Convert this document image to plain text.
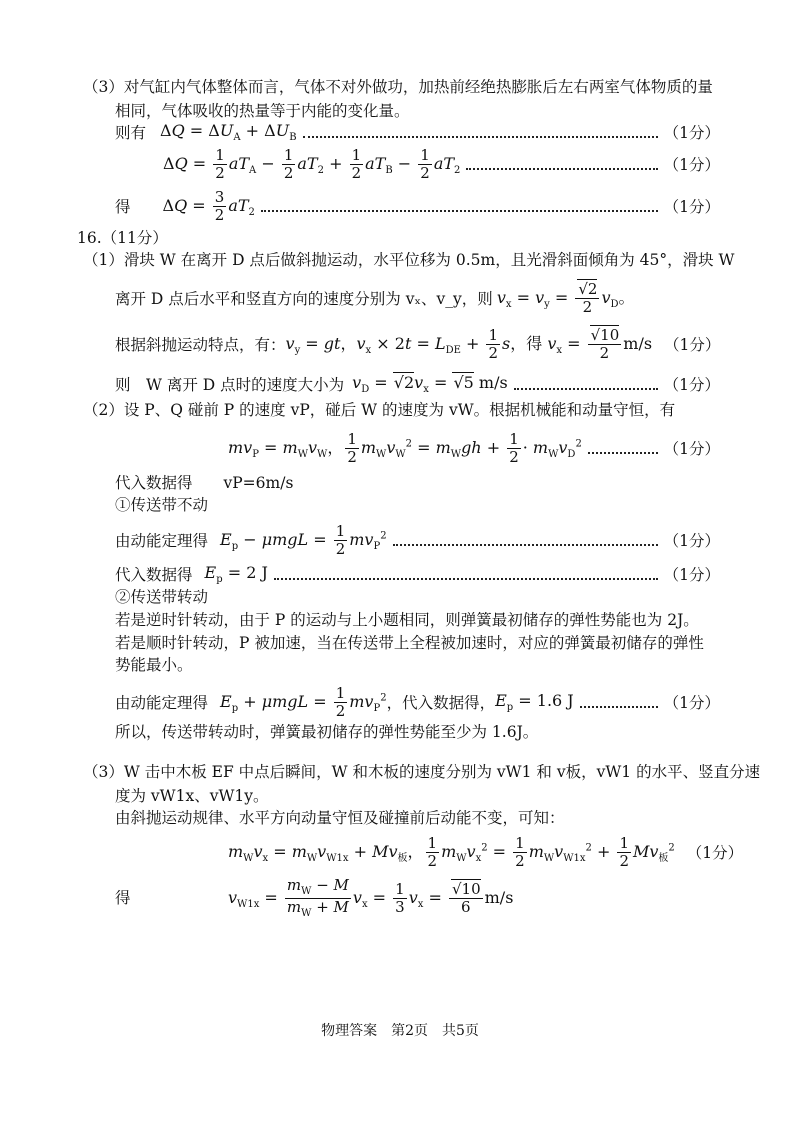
（3）对气缸内气体整体而言，气体不对外做功，加热前经绝热膨胀后左右两室气体物质的量
相同，气体吸收的热量等于内能的变化量。
则有 $\Delta Q = \Delta U_A + \Delta U_B$	（1分）
$\Delta Q = \frac{1}{2} aT_A - \frac{1}{2} aT_2 + \frac{1}{2} aT_B - \frac{1}{2} aT_2$	（1分）
得 $\Delta Q = \frac{3}{2} aT_2$	（1分）
16.（11分）
（1）滑块 W 在离开 D 点后做斜抛运动，水平位移为 0.5m，且光滑斜面倾角为 45°，滑块 W
离开 D 点后水平和竖直方向的速度分别为 vₓ、v_y，则 $v_x = v_y = \frac{√2}{2} v_D$。
根据斜抛运动特点，有： $v_y$ = gt，$v_x \times 2t = L_{DE} + \frac{1}{2}$ s，得 $v_x = \frac{√10}{2} m/s$ （1分）
则　W 离开 D 点时的速度大小为 $v_D = √2v_x = √5$ m/s	（1分）
（2）设 P、Q 碰前 P 的速度 vP，碰后 W 的速度为 vW。根据机械能和动量守恒，有
$mv_P = m_Wv_W$， $\frac{1}{2} m_Wv_W^2 = m_Wgh + \frac{1}{2} \cdot m_Wv_D^2$	（1分）
代入数据得　　vP=6m/s
①传送带不动
由动能定理得 $E_p - \mu mgL = \frac{1}{2} mv_P^2$	（1分）
代入数据得 $E_p = 2$ J	（1分）
②传送带转动
若是逆时针转动，由于 P 的运动与上小题相同，则弹簧最初储存的弹性势能也为 2J。
若是顺时针转动，P 被加速，当在传送带上全程被加速时，对应的弹簧最初储存的弹性
势能最小。
由动能定理得 $E_p + \mu mgL = \frac{1}{2} mv_P^2$ ，代入数据得， $E_p = 1.6$ J	（1分）
所以，传送带转动时，弹簧最初储存的弹性势能至少为 1.6J。
（3）W 击中木板 EF 中点后瞬间，W 和木板的速度分别为 vW1 和 v板，vW1 的水平、竖直分速
度为 vW1x、vW1y。
由斜抛运动规律、水平方向动量守恒及碰撞前后动能不变，可知：
$m_Wv_x = m_Wv_{W1x} + Mv_板$， $\frac{1}{2} m_Wv_x^2 = \frac{1}{2} m_Wv_{W1x}^2 + \frac{1}{2} Mv_板^2$ （1分）
得	$v_{W1x} = \frac{m_W - M}{m_W + M} v_x = \frac{1}{3} v_x = \frac{√10}{6} m/s$
物理答案　第2页　共5页
